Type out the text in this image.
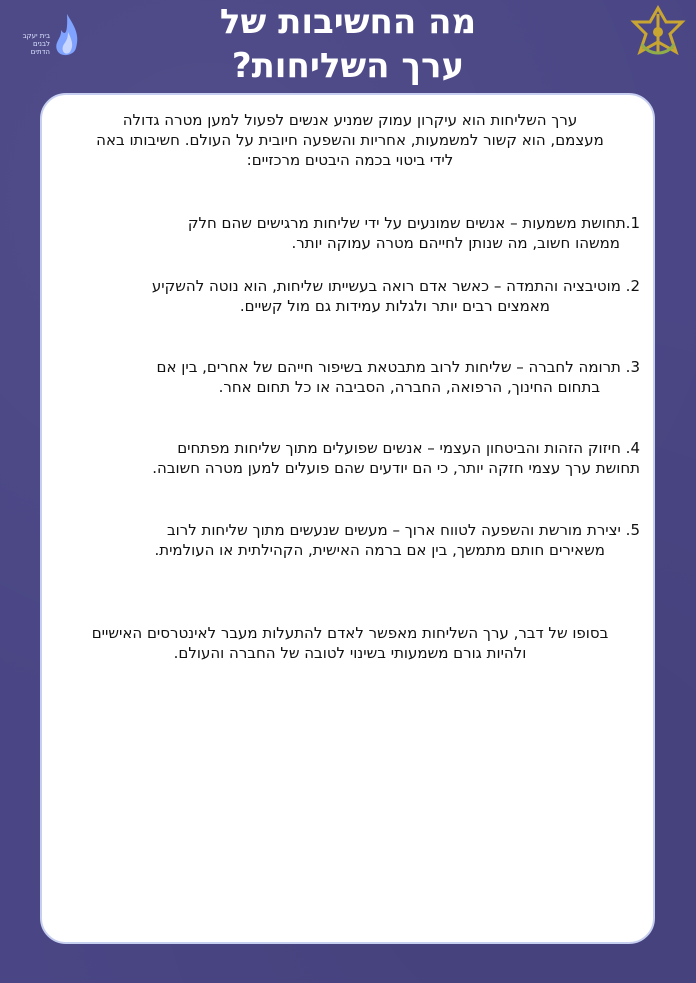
מה החשיבות של
ערך השליחות?
בית יעקב לבנים הדתים
ערך השליחות הוא עיקרון עמוק שמניע אנשים לפעול למען מטרה גדולה
מעצמם, הוא קשור למשמעות, אחריות והשפעה חיובית על העולם. חשיבותו באה
לידי ביטוי בכמה היבטים מרכזיים:
1.תחושת משמעות – אנשים שמונעים על ידי שליחות מרגישים שהם חלק
ממשהו חשוב, מה שנותן לחייהם מטרה עמוקה יותר.
2. מוטיבציה והתמדה – כאשר אדם רואה בעשייתו שליחות, הוא נוטה להשקיע
מאמצים רבים יותר ולגלות עמידות גם מול קשיים.
3. תרומה לחברה – שליחות לרוב מתבטאת בשיפור חייהם של אחרים, בין אם
בתחום החינוך, הרפואה, החברה, הסביבה או כל תחום אחר.
4. חיזוק הזהות והביטחון העצמי – אנשים שפועלים מתוך שליחות מפתחים
תחושת ערך עצמי חזקה יותר, כי הם יודעים שהם פועלים למען מטרה חשובה.
5. יצירת מורשת והשפעה לטווח ארוך – מעשים שנעשים מתוך שליחות לרוב
משאירים חותם מתמשך, בין אם ברמה האישית, הקהילתית או העולמית.
בסופו של דבר, ערך השליחות מאפשר לאדם להתעלות מעבר לאינטרסים האישיים
ולהיות גורם משמעותי בשינוי לטובה של החברה והעולם.
